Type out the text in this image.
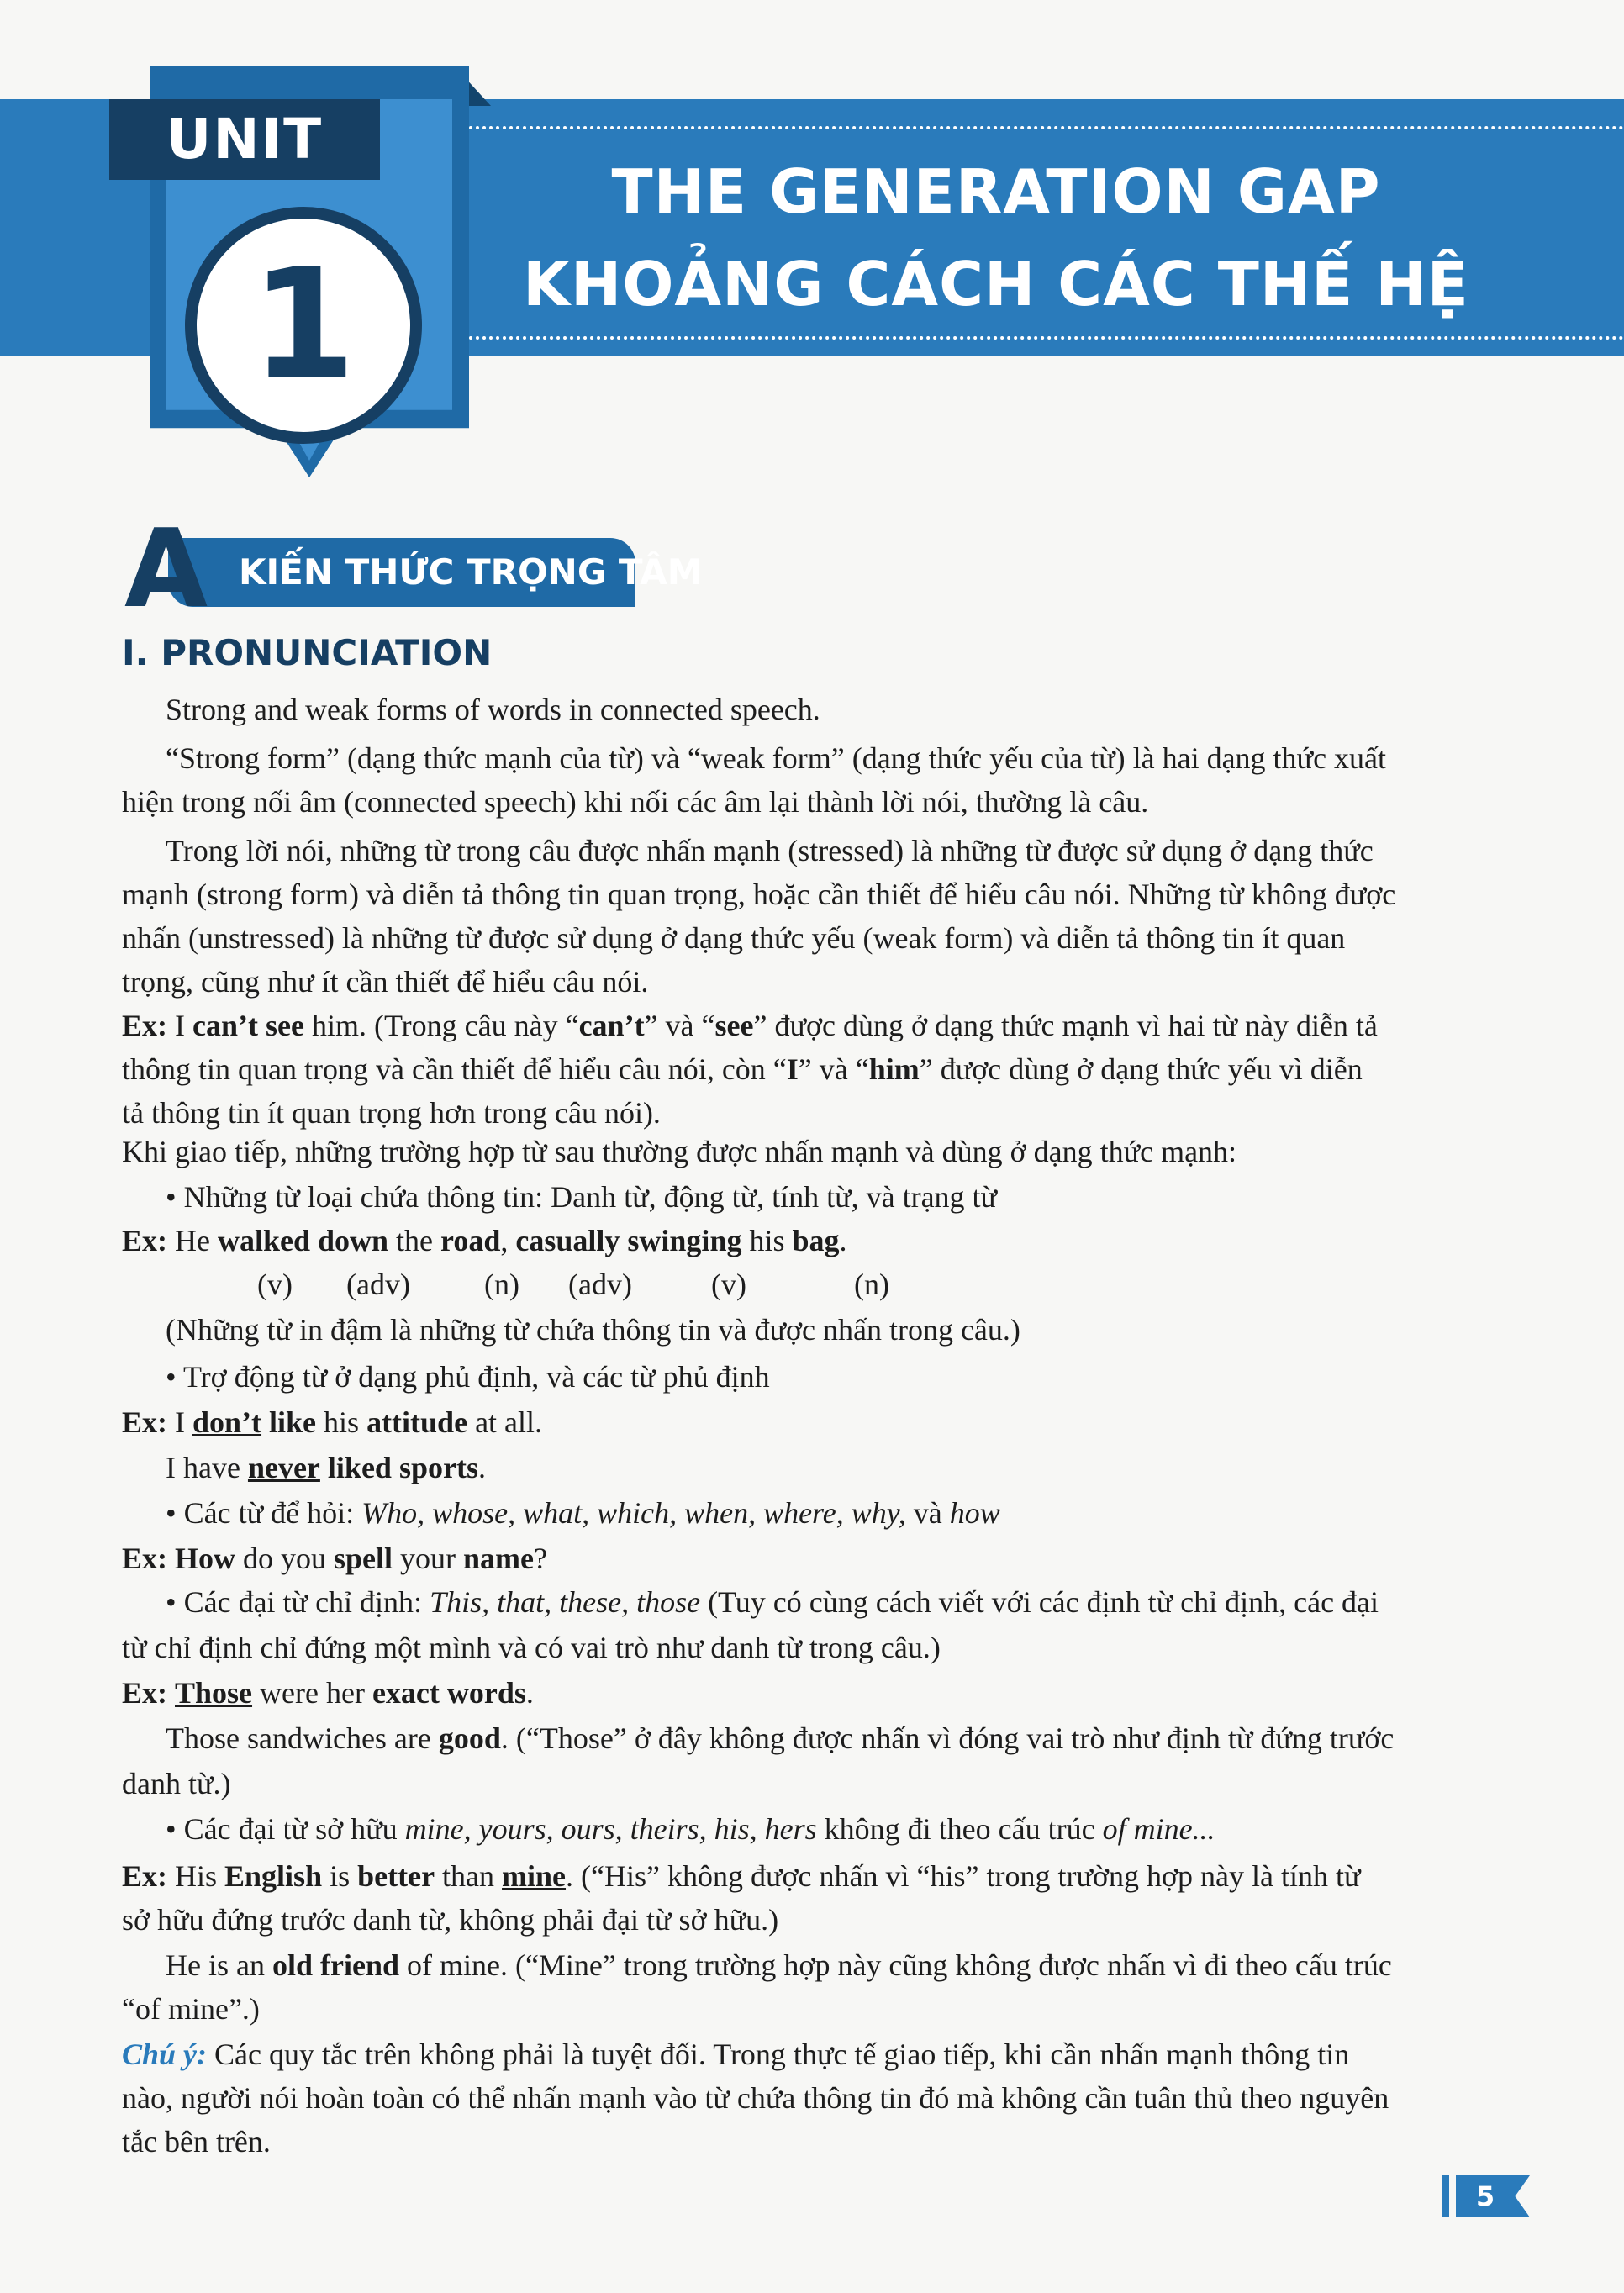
UNIT
1
THE GENERATION GAP
KHOẢNG CÁCH CÁC THẾ HỆ
A KIẾN THỨC TRỌNG TÂM
I. PRONUNCIATION
Strong and weak forms of words in connected speech.
“Strong form” (dạng thức mạnh của từ) và “weak form” (dạng thức yếu của từ) là hai dạng thức xuất
hiện trong nối âm (connected speech) khi nối các âm lại thành lời nói, thường là câu.
Trong lời nói, những từ trong câu được nhấn mạnh (stressed) là những từ được sử dụng ở dạng thức
mạnh (strong form) và diễn tả thông tin quan trọng, hoặc cần thiết để hiểu câu nói. Những từ không được
nhấn (unstressed) là những từ được sử dụng ở dạng thức yếu (weak form) và diễn tả thông tin ít quan
trọng, cũng như ít cần thiết để hiểu câu nói.
Ex: I can’t see him. (Trong câu này “can’t” và “see” được dùng ở dạng thức mạnh vì hai từ này diễn tả
thông tin quan trọng và cần thiết để hiểu câu nói, còn “I” và “him” được dùng ở dạng thức yếu vì diễn
tả thông tin ít quan trọng hơn trong câu nói).
Khi giao tiếp, những trường hợp từ sau thường được nhấn mạnh và dùng ở dạng thức mạnh:
• Những từ loại chứa thông tin: Danh từ, động từ, tính từ, và trạng từ
Ex: He walked down the road, casually swinging his bag.
(v) (adv) (n) (adv)	(v)	(n)
(Những từ in đậm là những từ chứa thông tin và được nhấn trong câu.)
• Trợ động từ ở dạng phủ định, và các từ phủ định
Ex: I don’t like his attitude at all.
I have never liked sports.
• Các từ để hỏi: Who, whose, what, which, when, where, why, và how
Ex: How do you spell your name?
• Các đại từ chỉ định: This, that, these, those (Tuy có cùng cách viết với các định từ chỉ định, các đại
từ chỉ định chỉ đứng một mình và có vai trò như danh từ trong câu.)
Ex: Those were her exact words.
Those sandwiches are good. (“Those” ở đây không được nhấn vì đóng vai trò như định từ đứng trước
danh từ.)
• Các đại từ sở hữu mine, yours, ours, theirs, his, hers không đi theo cấu trúc of mine...
Ex: His English is better than mine. (“His” không được nhấn vì “his” trong trường hợp này là tính từ
sở hữu đứng trước danh từ, không phải đại từ sở hữu.)
He is an old friend of mine. (“Mine” trong trường hợp này cũng không được nhấn vì đi theo cấu trúc
“of mine”.)
Chú ý: Các quy tắc trên không phải là tuyệt đối. Trong thực tế giao tiếp, khi cần nhấn mạnh thông tin
nào, người nói hoàn toàn có thể nhấn mạnh vào từ chứa thông tin đó mà không cần tuân thủ theo nguyên
tắc bên trên.
5
